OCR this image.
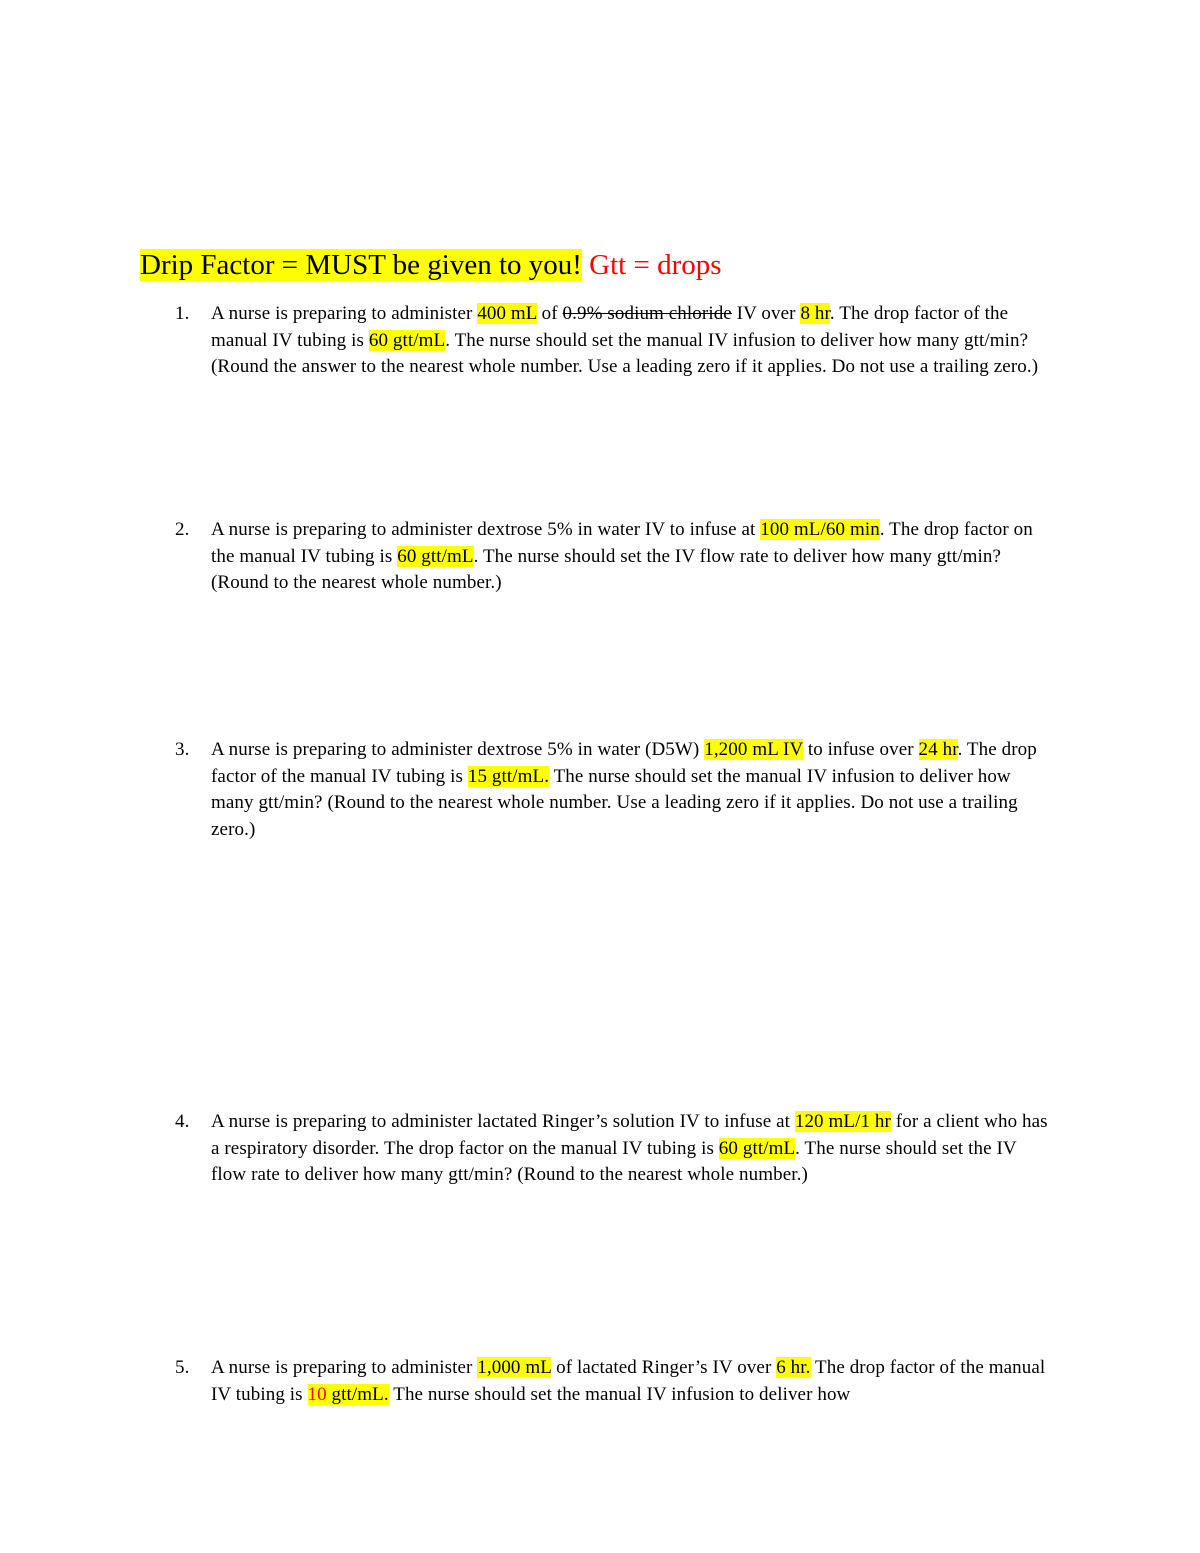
Drip Factor = MUST be given to you! Gtt = drops
1. A nurse is preparing to administer 400 mL of 0.9% sodium chloride IV over 8 hr. The drop factor of the manual IV tubing is 60 gtt/mL. The nurse should set the manual IV infusion to deliver how many gtt/min? (Round the answer to the nearest whole number. Use a leading zero if it applies. Do not use a trailing zero.)
2. A nurse is preparing to administer dextrose 5% in water IV to infuse at 100 mL/60 min. The drop factor on the manual IV tubing is 60 gtt/mL. The nurse should set the IV flow rate to deliver how many gtt/min? (Round to the nearest whole number.)
3. A nurse is preparing to administer dextrose 5% in water (D5W) 1,200 mL IV to infuse over 24 hr. The drop factor of the manual IV tubing is 15 gtt/mL. The nurse should set the manual IV infusion to deliver how many gtt/min? (Round to the nearest whole number. Use a leading zero if it applies. Do not use a trailing zero.)
4. A nurse is preparing to administer lactated Ringer’s solution IV to infuse at 120 mL/1 hr for a client who has a respiratory disorder. The drop factor on the manual IV tubing is 60 gtt/mL. The nurse should set the IV flow rate to deliver how many gtt/min? (Round to the nearest whole number.)
5. A nurse is preparing to administer 1,000 mL of lactated Ringer’s IV over 6 hr. The drop factor of the manual IV tubing is 10 gtt/mL. The nurse should set the manual IV infusion to deliver how
